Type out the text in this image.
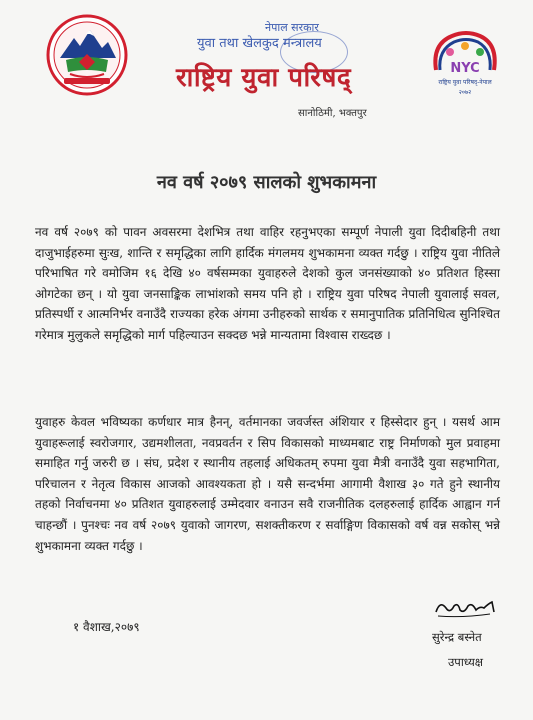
नेपाल सरकार
युवा तथा खेलकुद मन्त्रालय
राष्ट्रिय युवा परिषद्
सानोठिमी, भक्तपुर
NYC
राष्ट्रिय युवा परिषद्-नेपाल
२०७२
नव वर्ष २०७९ सालको शुभकामना

नव वर्ष २०७९ को पावन अवसरमा देशभित्र तथा वाहिर रहनुभएका सम्पूर्ण नेपाली युवा दिदीबहिनी तथा दाजुभाईहरुमा सुःख, शान्ति र समृद्धिका लागि हार्दिक मंगलमय शुभकामना व्यक्त गर्दछु । राष्ट्रिय युवा नीतिले परिभाषित गरे वमोजिम १६ देखि ४० वर्षसम्मका युवाहरुले देशको कुल जनसंख्याको ४० प्रतिशत हिस्सा ओगटेका छन् । यो युवा जनसाङ्किक लाभांशको समय पनि हो । राष्ट्रिय युवा परिषद नेपाली युवालाई सवल, प्रतिस्पर्धी र आत्मनिर्भर वनाउँदै राज्यका हरेक अंगमा उनीहरुको सार्थक र समानुपातिक प्रतिनिधित्व सुनिश्चित गरेमात्र मुलुकले समृद्धिको मार्ग पहिल्याउन सक्दछ भन्ने मान्यतामा विश्वास राख्दछ ।

युवाहरु केवल भविष्यका कर्णधार मात्र हैनन्, वर्तमानका जवर्जस्त अंशियार र हिस्सेदार हुन् । यसर्थ आम युवाहरूलाई स्वरोजगार, उद्यमशीलता, नवप्रवर्तन र सिप विकासको माध्यमबाट राष्ट्र निर्माणको मुल प्रवाहमा समाहित गर्नु जरुरी छ । संघ, प्रदेश र स्थानीय तहलाई अधिकतम् रुपमा युवा मैत्री वनाउँदै युवा सहभागिता, परिचालन र नेतृत्व विकास आजको आवश्यकता हो । यसै सन्दर्भमा आगामी वैशाख ३० गते हुने स्थानीय तहको निर्वाचनमा ४० प्रतिशत युवाहरुलाई उम्मेदवार वनाउन सवै राजनीतिक दलहरुलाई हार्दिक आह्वान गर्न चाहन्छौं । पुनश्चः नव वर्ष २०७९ युवाको जागरण, सशक्तीकरण र सर्वाङ्गिण विकासको वर्ष वन्न सकोस् भन्ने शुभकामना व्यक्त गर्दछु ।

१ वैशाख,२०७९
सुरेन्द्र बस्नेत
उपाध्यक्ष
